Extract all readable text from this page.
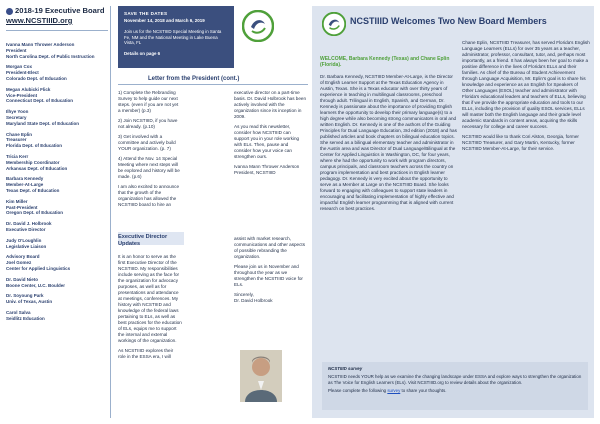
2018-19 Executive Board
www.NCSTIIID.org
Ivanna Mann Thrower Anderson
President
North Carolina Dept. of Public Instruction
Morgan Cox
President-Elect
Colorado Dept. of Education
Megan Alubicki Flick
Vice-President
Connecticut Dept. of Education
Ilhye Yoon
Secretary
Maryland State Dept. of Education
Chane Eplin
Treasurer
Florida Dept. of Education
Tricia Kerr
Membership Coordinator
Arkansas Dept. of Education
Barbara Kennedy
Member-At-Large
Texas Dept. of Education
Kim Miller
Past-President
Oregon Dept. of Education
Dr. David J. Holbrook
Executive Director
Judy O'Loughlin
Legislative Liaison
Advisory Board
Joel Gomez
Center for Applied Linguistics
Dr. David Nieto
Boone Center, U.C. Boulder
Dr. Soyoung Park
Univ. of Texas, Austin
Carol Salva
Seidlitz Education
SAVE THE DATES
November 14, 2018 and March 6, 2019
Join us for the NCSTIIID Special Meeting in Santa Fe, NM and the National Meeting in Lake Buena Vista, FL
Details on page 6
Letter from the President (cont.)

1) Complete the Rebranding Survey to help guide our next steps. (even if you are not yet a member) (p.3)

2) Join NCSTIIID, if you have not already. (p.10)

3) Get involved with a committee and actively build YOUR organization. (p. 7)

4) Attend the Nov. 14 Special Meeting where next steps will be explored and history will be made. (p.6)

I am also excited to announce that the growth of the organization has allowed the NCSTIIID board to hire an

executive director on a part-time basis. Dr. David Holbrook has been actively involved with the organization since its inception in 2009.

As you read this newsletter, consider how NCSTIIID can support you in your role working with ELs. Then, pause and consider how your voice can strengthen ours.

Ivanna Mann Thrower Anderson

President, NCSTIIID

Executive Director Updates

It is an honor to serve as the first Executive Director of the NCSTIIID. My responsibilities include serving as the face for the organization for advocacy purposes, as well as for presentations and attendance at meetings, conferences. My history with NCSTIIID and knowledge of the federal laws pertaining to ELs, as well as best practices for the education of ELs, equips me to support the internal and external workings of the organization.

As NCSTIIID explores their role in the ESSA era, I will

assist with market research, communications and other aspects of possible rebranding the organization.

Please join us in November and throughout the year as we strengthen the NCSTIIID voice for ELs.

Sincerely,

Dr. David Holbrook

NCSTIIID Welcomes Two New Board Members
WELCOME, Barbara Kennedy (Texas) and Chane Eplin (Florida).

Dr. Barbara Kennedy, NCSTIIID Member-At-Large, is the Director of English Learner Support at the Texas Education Agency in Austin, Texas. She is a Texas educator with over thirty years of experience in teaching in multilingual classrooms, preschool through adult. Trilingual in English, Spanish, and German, Dr. Kennedy is passionate about the importance of providing English learners the opportunity to develop their primary language(s) to a high degree while also becoming strong communicators in oral and written English. Dr. Kennedy is one of the authors of the Guiding Principles for Dual Language Education, 3rd edition (2018) and has published articles and book chapters on bilingual education topics. She served as a bilingual elementary teacher and administrator in the Austin area and was Director of Dual Language/Bilingual at the Center for Applied Linguistics in Washington, DC, for four years, where she had the opportunity to work with program directors, campus principals, and classroom teachers across the country on program implementation and best practices in English learner pedagogy. Dr. Kennedy is very excited about the opportunity to serve as a Member at Large on the NCSTIIID Board. She looks forward to engaging with colleagues to support state leaders in encouraging and facilitating implementation of highly effective and impactful English learner programming that is aligned with current research on best practices.

Chane Eplin, NCSTIIID Treasurer, has served Florida's English Language Learners (ELLs) for over 35 years as a teacher, administrator, professor, consultant, tutor, and, perhaps most importantly, as a friend. It has always been her goal to make a positive difference in the lives of Florida's ELLs and their families. As chief of the Bureau of Student Achievement through Language Acquisition, Mr. Eplin's goal is to share his knowledge and experience as an English for Speakers of Other Languages (ESOL) teacher and administrator with Florida's educational leaders and teachers of ELLs, believing that if we provide the appropriate education and tools to our ELLs, including the provision of quality ESOL services, ELLs will master both the English language and their grade level academic standards in content areas, acquiring the skills necessary for college and career success.

NCSTIIID would like to thank Cori Alston, Georgia, former NCSTIIID Treasurer, and Gary Martin, Kentucky, former NCSTIIID Member-At-Large, for their service.

NCSTIIID survey
NCSTIIID needs YOUR help as we examine the changing landscape under ESSA and explore ways to strengthen the organization as The Voice for English Learners (ELs). Visit NCSTIIID.org to review details about the organization.
Please complete the following survey to share your thoughts.
